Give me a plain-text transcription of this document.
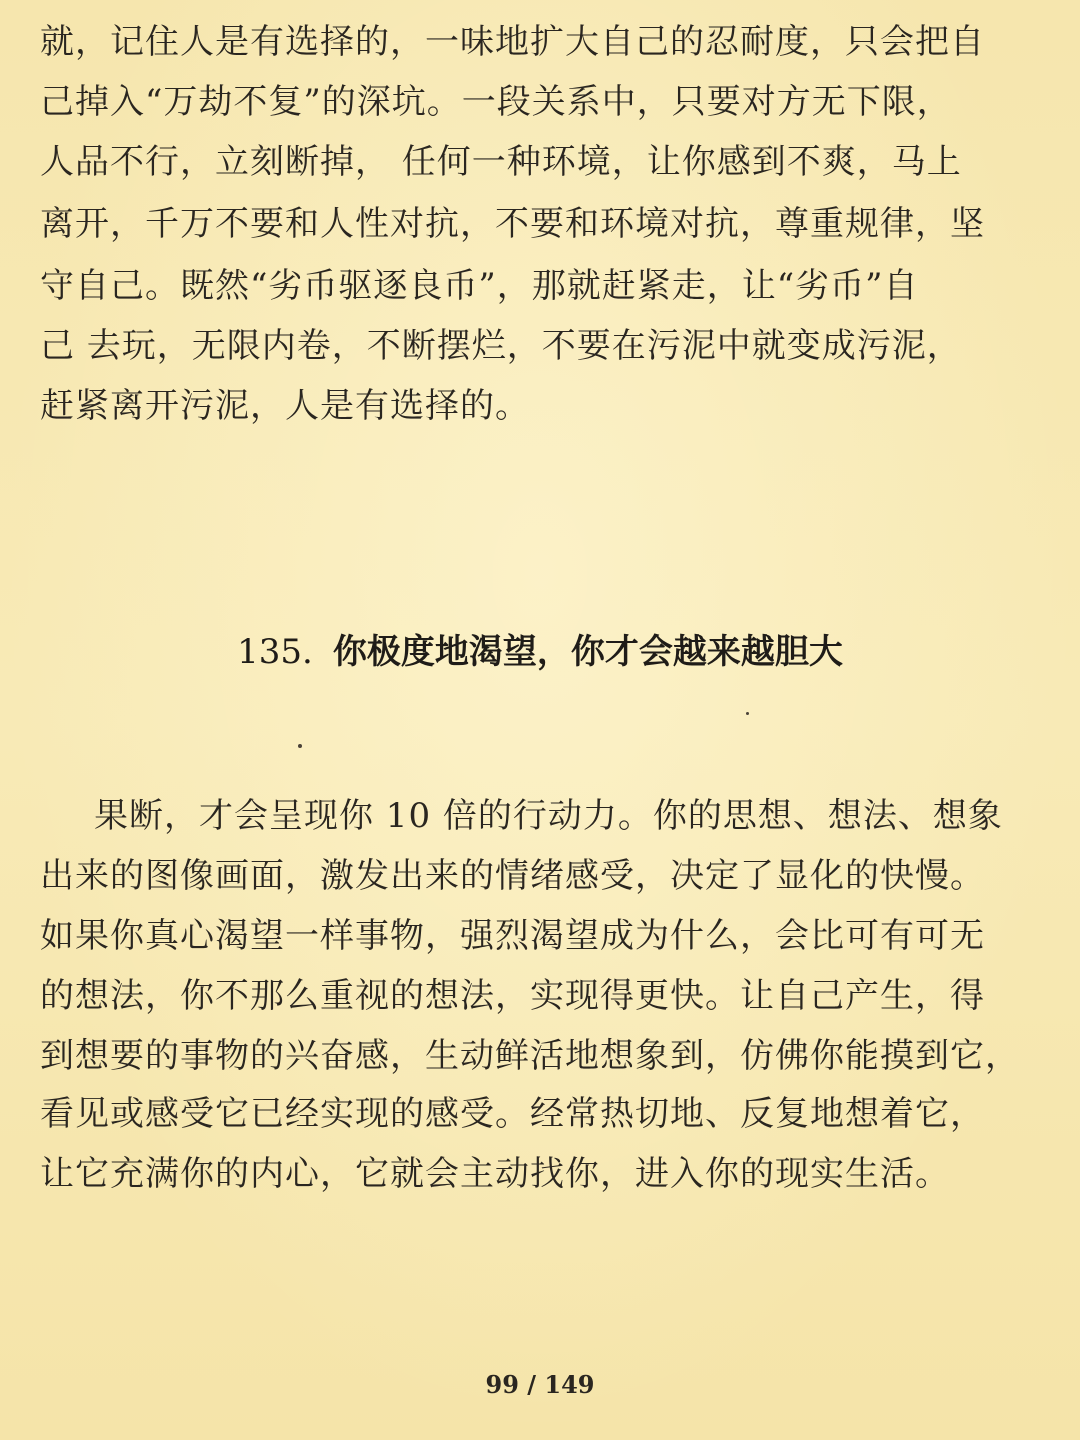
就，记住人是有选择的，一味地扩大自己的忍耐度，只会把自
己掉入“万劫不复”的深坑。一段关系中，只要对方无下限，
人品不行，立刻断掉， 任何一种环境，让你感到不爽，马上
离开，千万不要和人性对抗，不要和环境对抗，尊重规律，坚
守自己。既然“劣币驱逐良币”，那就赶紧走，让“劣币”自
己 去玩，无限内卷，不断摆烂，不要在污泥中就变成污泥，
赶紧离开污泥，人是有选择的。
135. 你极度地渴望，你才会越来越胆大
果断，才会呈现你 10 倍的行动力。你的思想、想法、想象
出来的图像画面，激发出来的情绪感受，决定了显化的快慢。
如果你真心渴望一样事物，强烈渴望成为什么，会比可有可无
的想法，你不那么重视的想法，实现得更快。让自己产生，得
到想要的事物的兴奋感，生动鲜活地想象到，仿佛你能摸到它，
看见或感受它已经实现的感受。经常热切地、反复地想着它，
让它充满你的内心，它就会主动找你，进入你的现实生活。
99 / 149
